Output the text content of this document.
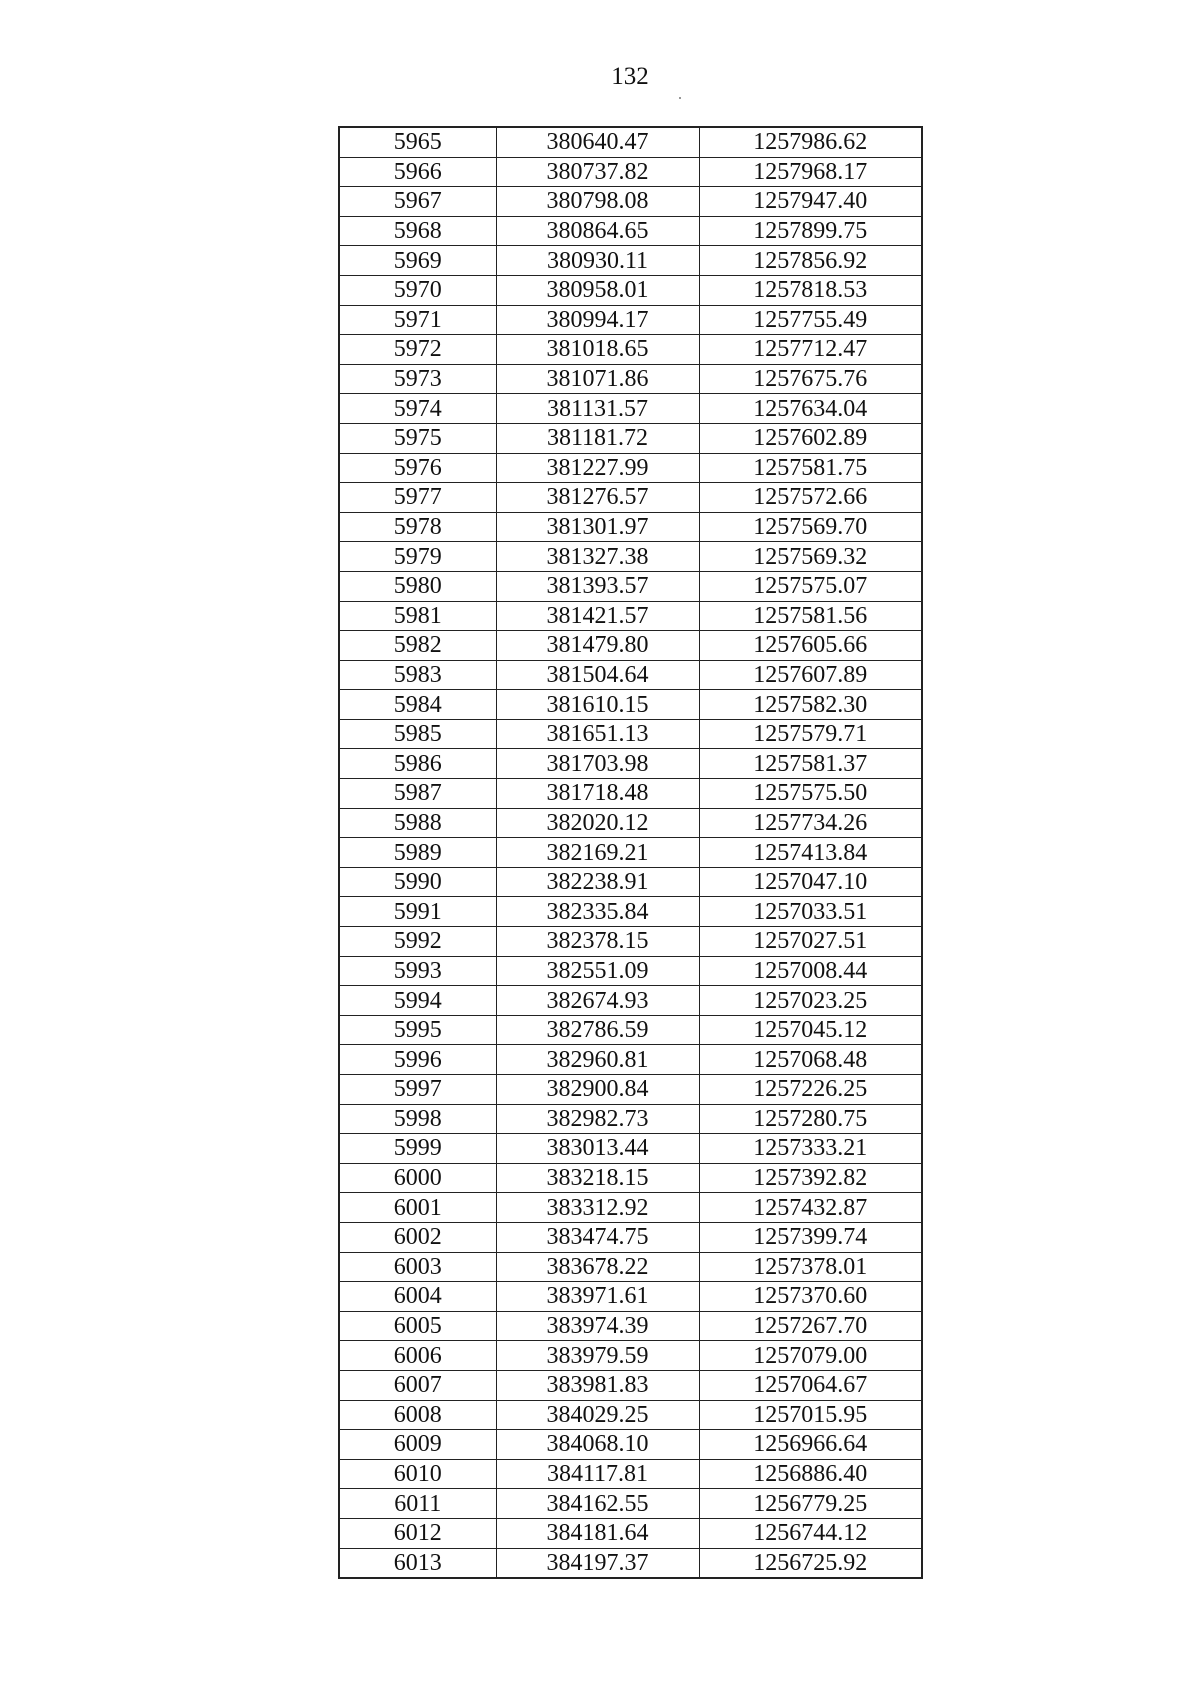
132
5965	380640.47	1257986.62
5966	380737.82	1257968.17
5967	380798.08	1257947.40
5968	380864.65	1257899.75
5969	380930.11	1257856.92
5970	380958.01	1257818.53
5971	380994.17	1257755.49
5972	381018.65	1257712.47
5973	381071.86	1257675.76
5974	381131.57	1257634.04
5975	381181.72	1257602.89
5976	381227.99	1257581.75
5977	381276.57	1257572.66
5978	381301.97	1257569.70
5979	381327.38	1257569.32
5980	381393.57	1257575.07
5981	381421.57	1257581.56
5982	381479.80	1257605.66
5983	381504.64	1257607.89
5984	381610.15	1257582.30
5985	381651.13	1257579.71
5986	381703.98	1257581.37
5987	381718.48	1257575.50
5988	382020.12	1257734.26
5989	382169.21	1257413.84
5990	382238.91	1257047.10
5991	382335.84	1257033.51
5992	382378.15	1257027.51
5993	382551.09	1257008.44
5994	382674.93	1257023.25
5995	382786.59	1257045.12
5996	382960.81	1257068.48
5997	382900.84	1257226.25
5998	382982.73	1257280.75
5999	383013.44	1257333.21
6000	383218.15	1257392.82
6001	383312.92	1257432.87
6002	383474.75	1257399.74
6003	383678.22	1257378.01
6004	383971.61	1257370.60
6005	383974.39	1257267.70
6006	383979.59	1257079.00
6007	383981.83	1257064.67
6008	384029.25	1257015.95
6009	384068.10	1256966.64
6010	384117.81	1256886.40
6011	384162.55	1256779.25
6012	384181.64	1256744.12
6013	384197.37	1256725.92
